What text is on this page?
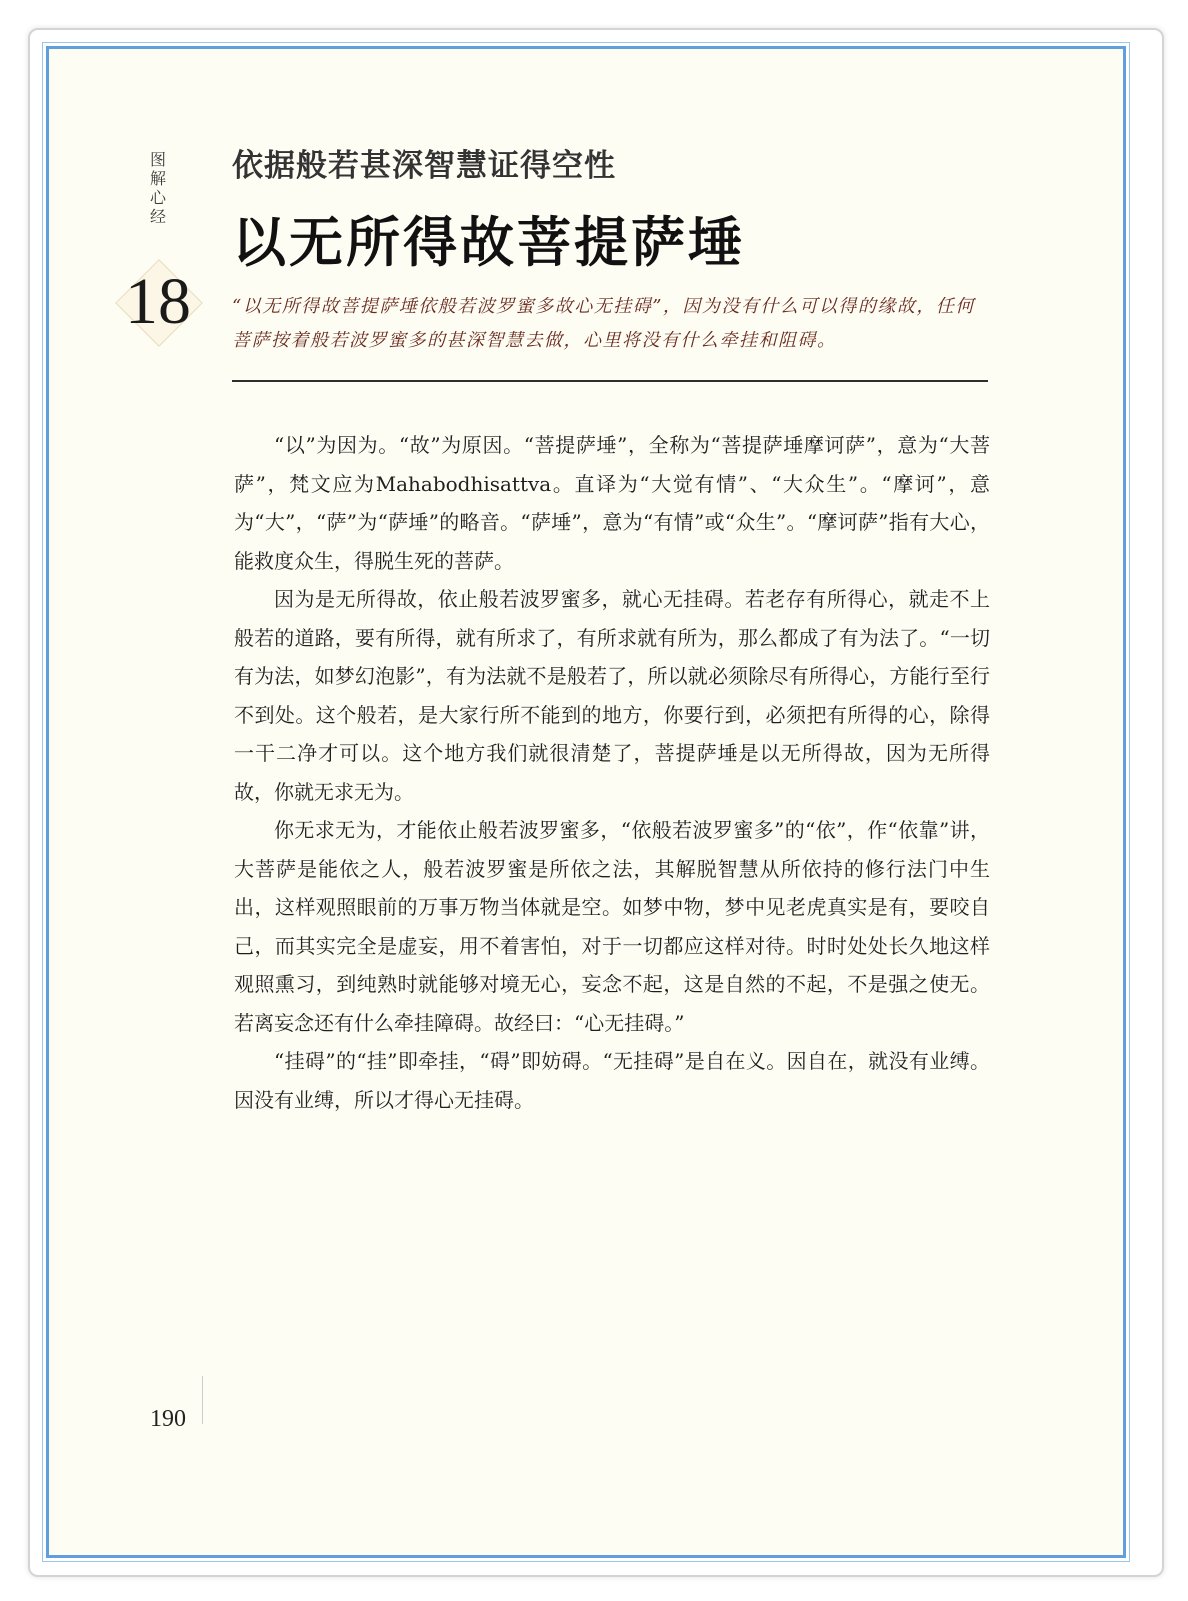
图
解
心
经
18
依据般若甚深智慧证得空性
以无所得故菩提萨埵
“以无所得故菩提萨埵依般若波罗蜜多故心无挂碍”，因为没有什么可以得的缘故，任何菩萨按着般若波罗蜜多的甚深智慧去做，心里将没有什么牵挂和阻碍。

“以”为因为。“故”为原因。“菩提萨埵”，全称为“菩提萨埵摩诃萨”，意为“大菩萨”，梵文应为Mahabodhisattva。直译为“大觉有情”、“大众生”。“摩诃”，意为“大”，“萨”为“萨埵”的略音。“萨埵”，意为“有情”或“众生”。“摩诃萨”指有大心，能救度众生，得脱生死的菩萨。

因为是无所得故，依止般若波罗蜜多，就心无挂碍。若老存有所得心，就走不上般若的道路，要有所得，就有所求了，有所求就有所为，那么都成了有为法了。“一切有为法，如梦幻泡影”，有为法就不是般若了，所以就必须除尽有所得心，方能行至行不到处。这个般若，是大家行所不能到的地方，你要行到，必须把有所得的心，除得一干二净才可以。这个地方我们就很清楚了，菩提萨埵是以无所得故，因为无所得故，你就无求无为。

你无求无为，才能依止般若波罗蜜多，“依般若波罗蜜多”的“依”，作“依靠”讲，大菩萨是能依之人，般若波罗蜜是所依之法，其解脱智慧从所依持的修行法门中生出，这样观照眼前的万事万物当体就是空。如梦中物，梦中见老虎真实是有，要咬自己，而其实完全是虚妄，用不着害怕，对于一切都应这样对待。时时处处长久地这样观照熏习，到纯熟时就能够对境无心，妄念不起，这是自然的不起，不是强之使无。若离妄念还有什么牵挂障碍。故经曰：“心无挂碍。”

“挂碍”的“挂”即牵挂，“碍”即妨碍。“无挂碍”是自在义。因自在，就没有业缚。因没有业缚，所以才得心无挂碍。

190
